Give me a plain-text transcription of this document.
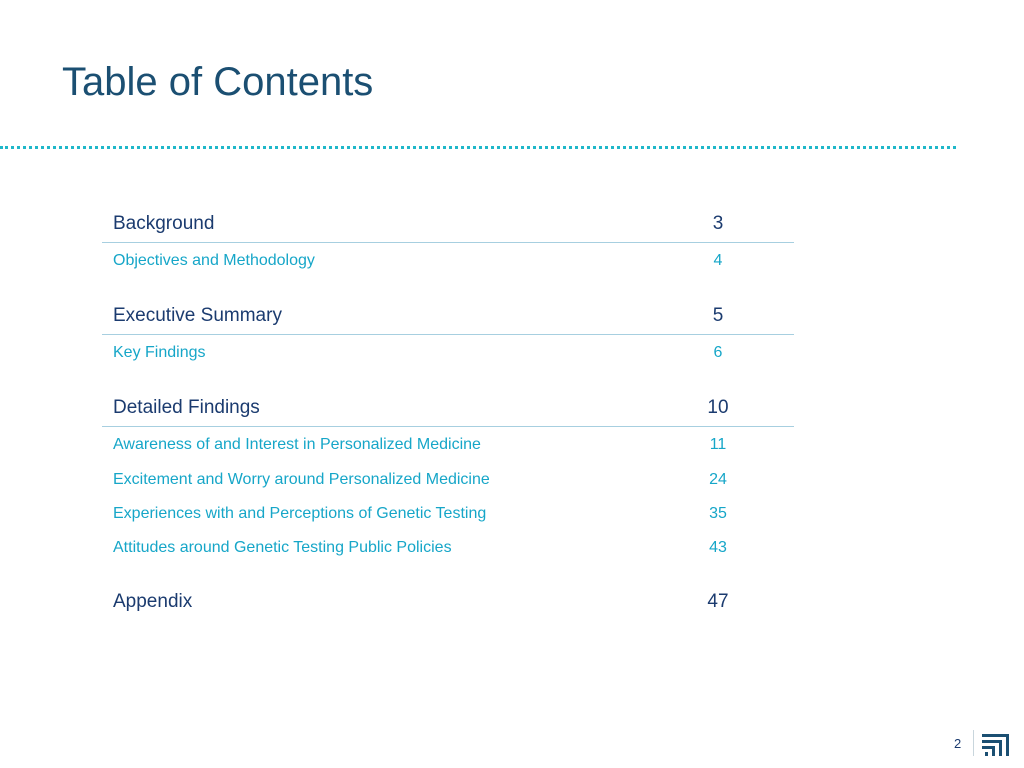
Table of Contents
Background	3
Objectives and Methodology	4
Executive Summary	5
Key Findings	6
Detailed Findings	10
Awareness of and Interest in Personalized Medicine	11
Excitement and Worry around Personalized Medicine	24
Experiences with and Perceptions of Genetic Testing	35
Attitudes around Genetic Testing Public Policies	43
Appendix	47
2
